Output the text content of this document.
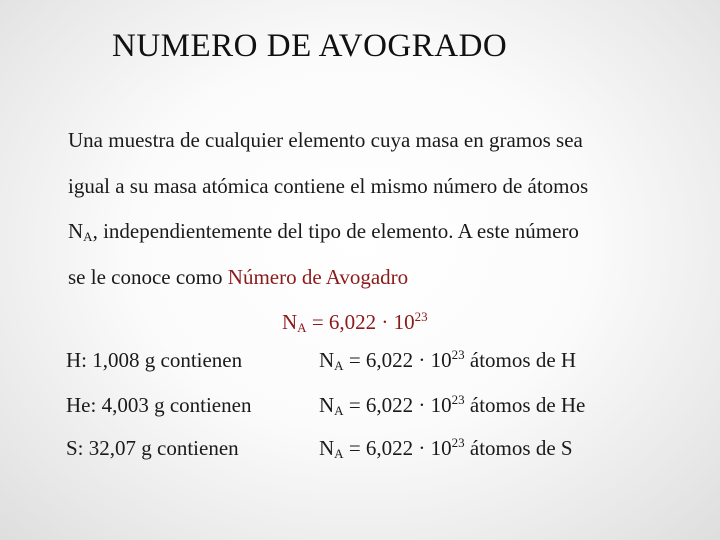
NUMERO DE AVOGRADO
Una muestra de cualquier elemento cuya masa en gramos sea
igual a su masa atómica contiene el mismo número de átomos
$N_A$, independientemente del tipo de elemento. A este número
se le conoce como Número de Avogadro
$N_A = 6,022 \cdot 10^{23}$
H: 1,008 g contienen	$N_A = 6,022 \cdot 10^{23}$ átomos de H
He: 4,003 g contienen	$N_A = 6,022 \cdot 10^{23}$ átomos de He
S: 32,07 g contienen	$N_A = 6,022 \cdot 10^{23}$ átomos de S
